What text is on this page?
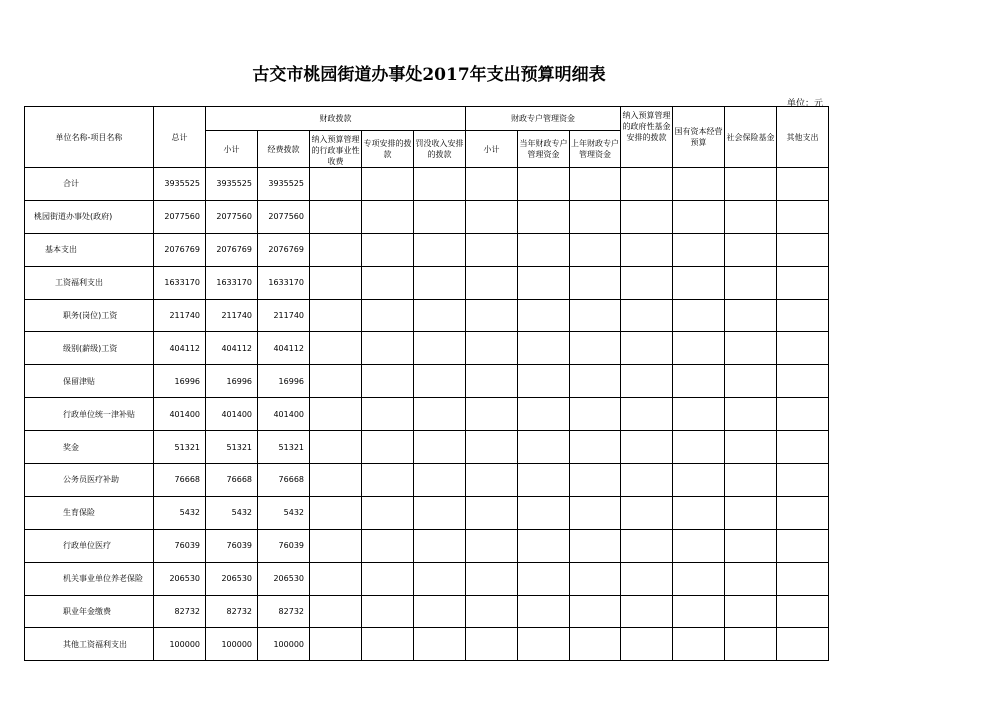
古交市桃园街道办事处2017年支出预算明细表
单位：元
单位名称-项目名称	总计	财政拨款					财政专户管理资金			纳入预算管理的政府性基金安排的拨款	国有资本经营预算	社会保险基金	其他支出
		小计	经费拨款	纳入预算管理的行政事业性收费	专项安排的拨款	罚没收入安排的拨款	小计	当年财政专户管理资金	上年财政专户管理资金				
合计	3935525	3935525	3935525										
桃园街道办事处(政府)	2077560	2077560	2077560										
基本支出	2076769	2076769	2076769										
工资福利支出	1633170	1633170	1633170										
职务(岗位)工资	211740	211740	211740										
级别(薪级)工资	404112	404112	404112										
保留津贴	16996	16996	16996										
行政单位统一津补贴	401400	401400	401400										
奖金	51321	51321	51321										
公务员医疗补助	76668	76668	76668										
生育保险	5432	5432	5432										
行政单位医疗	76039	76039	76039										
机关事业单位养老保险	206530	206530	206530										
职业年金缴费	82732	82732	82732										
其他工资福利支出	100000	100000	100000										
